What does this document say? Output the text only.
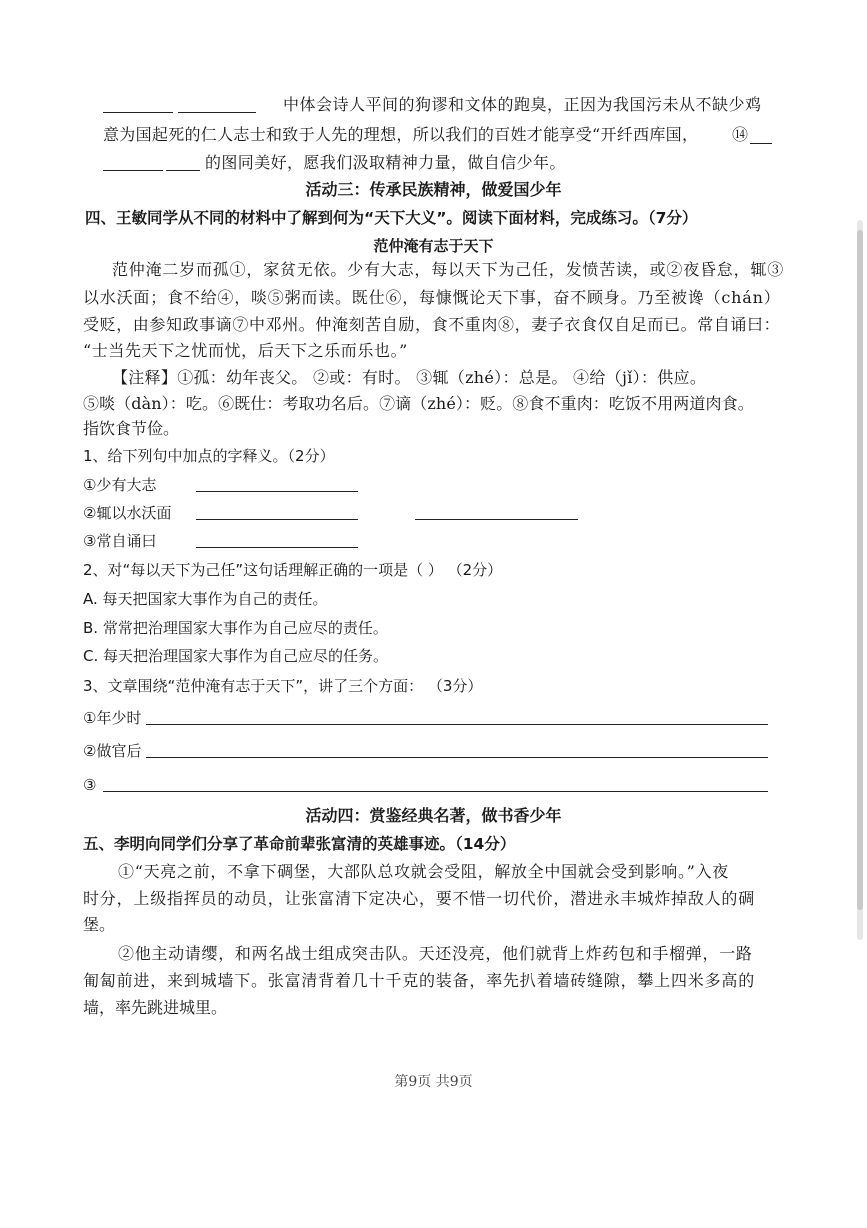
中体会诗人平间的狗谬和文体的跑臭，正因为我国污未从不缺少鸡
意为国起死的仁人志士和致于人先的理想，所以我们的百姓才能享受“开纤西库国， ⑭
的图同美好，愿我们汲取精神力量，做自信少年。
活动三：传承民族精神，做爱国少年
四、王敏同学从不同的材料中了解到何为“天下大义”。阅读下面材料，完成练习。（7分）
范仲淹有志于天下
范仲淹二岁而孤①，家贫无依。少有大志，每以天下为己任，发愤苦读，或②夜昏怠，辄③
以水沃面；食不给④，啖⑤粥而读。既仕⑥，每慷慨论天下事，奋不顾身。乃至被谗（chán）
受贬，由参知政事谪⑦中邓州。仲淹刻苦自励，食不重肉⑧，妻子衣食仅自足而已。常自诵曰：
“士当先天下之忧而忧，后天下之乐而乐也。”
【注释】①孤：幼年丧父。 ②或：有时。 ③辄（zhé）：总是。 ④给（jǐ）：供应。
⑤啖（dàn）：吃。⑥既仕：考取功名后。⑦谪（zhé）：贬。⑧食不重肉：吃饭不用两道肉食。
指饮食节俭。
1、给下列句中加点的字释义。（2分）
①少有大志
②辄以水沃面
③常自诵曰
2、对“每以天下为己任”这句话理解正确的一项是（ ） （2分）
A. 每天把国家大事作为自己的责任。
B. 常常把治理国家大事作为自己应尽的责任。
C. 每天把治理国家大事作为自己应尽的任务。
3、文章围绕“范仲淹有志于天下”，讲了三个方面： （3分）
①年少时
②做官后
③
活动四：赏鉴经典名著，做书香少年
五、李明向同学们分享了革命前辈张富清的英雄事迹。（14分）
①“天亮之前，不拿下碉堡，大部队总攻就会受阻，解放全中国就会受到影响。”入夜
时分，上级指挥员的动员，让张富清下定决心，要不惜一切代价，潜进永丰城炸掉敌人的碉
堡。
②他主动请缨，和两名战士组成突击队。天还没亮，他们就背上炸药包和手榴弹，一路
匍匐前进，来到城墙下。张富清背着几十千克的装备，率先扒着墙砖缝隙，攀上四米多高的
墙，率先跳进城里。
第9页 共9页
